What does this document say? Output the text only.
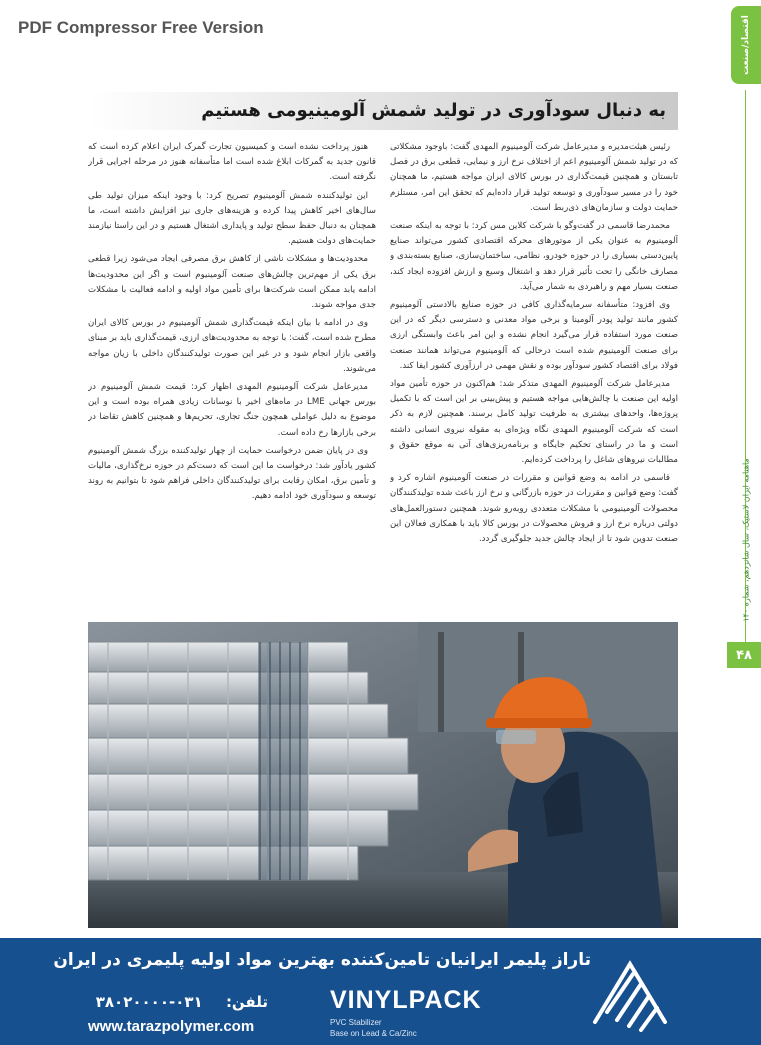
PDF Compressor Free Version	اقتصاد/صنعت
ماهنامه ایران لاستیک، سال شانزدهم، شماره ۱۴۰
۴۸
به دنبال سودآوری در تولید شمش آلومینیومی هستیم

رئیس هیئت‌مدیره و مدیرعامل شرکت آلومینیوم المهدی گفت: باوجود مشکلاتی که در تولید شمش آلومینیوم اعم از اختلاف نرخ ارز و نیمایی، قطعی برق در فصل تابستان و همچنین قیمت‌گذاری در بورس کالای ایران مواجه هستیم، ما همچنان خود را در مسیر سودآوری و توسعه تولید قرار داده‌ایم که تحقق این امر، مستلزم حمایت دولت و سازمان‌های ذی‌ربط است.

محمدرضا قاسمی در گفت‌وگو با شرکت کلاین مس کرد: با توجه به اینکه صنعت آلومینیوم به عنوان یکی از موتورهای محرکه اقتصادی کشور می‌تواند صنایع پایین‌دستی بسیاری را در حوزه خودرو، نظامی، ساختمان‌سازی، صنایع بسته‌بندی و مصارف خانگی را تحت تأثیر قرار دهد و اشتغال وسیع و ارزش افزوده ایجاد کند، صنعت بسیار مهم و راهبردی به شمار می‌آید.

وی افزود: متأسفانه سرمایه‌گذاری کافی در حوزه صنایع بالادستی آلومینیوم کشور مانند تولید پودر آلومینا و برخی مواد معدنی و دسترسی دیگر که در این صنعت مورد استفاده قرار می‌گیرد انجام نشده و این امر باعث وابستگی ارزی برای صنعت آلومینیوم شده است درحالی که آلومینیوم می‌تواند همانند صنعت فولاد برای اقتصاد کشور سودآور بوده و نقش مهمی در ارزآوری کشور ایفا کند.

مدیرعامل شرکت آلومینیوم المهدی متذکر شد: هم‌اکنون در حوزه تأمین مواد اولیه این صنعت با چالش‌هایی مواجه هستیم و پیش‌بینی بر این است که با تکمیل پروژه‌ها، واحدهای بیشتری به ظرفیت تولید کامل برسند. همچنین لازم به ذکر است که شرکت آلومینیوم المهدی نگاه ویژه‌ای به مقوله نیروی انسانی داشته است و ما در راستای تحکیم جایگاه و برنامه‌ریزی‌های آتی به موقع حقوق و مطالبات نیروهای شاغل را پرداخت کرده‌ایم.

قاسمی در ادامه به وضع قوانین و مقررات در صنعت آلومینیوم اشاره کرد و گفت: وضع قوانین و مقررات در حوزه بازرگانی و نرخ ارز باعث شده تولیدکنندگان محصولات آلومینیومی با مشکلات متعددی روبه‌رو شوند. همچنین دستورالعمل‌های دولتی درباره نرخ ارز و فروش محصولات در بورس کالا باید با همکاری فعالان این صنعت تدوین شود تا از ایجاد چالش جدید جلوگیری گردد.

هنوز پرداخت نشده است و کمیسیون تجارت گمرک ایران اعلام کرده است که قانون جدید به گمرکات ابلاغ شده است اما متأسفانه هنوز در مرحله اجرایی قرار نگرفته است.

این تولیدکننده شمش آلومینیوم تصریح کرد: با وجود اینکه میزان تولید طی سال‌های اخیر کاهش پیدا کرده و هزینه‌های جاری نیز افزایش داشته است، ما همچنان به دنبال حفظ سطح تولید و پایداری اشتغال هستیم و در این راستا نیازمند حمایت‌های دولت هستیم.

محدودیت‌ها و مشکلات ناشی از کاهش برق مصرفی ایجاد می‌شود زیرا قطعی برق یکی از مهم‌ترین چالش‌های صنعت آلومینیوم است و اگر این محدودیت‌ها ادامه یابد ممکن است شرکت‌ها برای تأمین مواد اولیه و ادامه فعالیت با مشکلات جدی مواجه شوند.

وی در ادامه با بیان اینکه قیمت‌گذاری شمش آلومینیوم در بورس کالای ایران مطرح شده است، گفت: با توجه به محدودیت‌های ارزی، قیمت‌گذاری باید بر مبنای واقعی بازار انجام شود و در غیر این صورت تولیدکنندگان داخلی با زیان مواجه می‌شوند.

مدیرعامل شرکت آلومینیوم المهدی اظهار کرد: قیمت شمش آلومینیوم در بورس جهانی LME در ماه‌های اخیر با نوسانات زیادی همراه بوده است و این موضوع به دلیل عواملی همچون جنگ تجاری، تحریم‌ها و همچنین کاهش تقاضا در برخی بازارها رخ داده است.

وی در پایان ضمن درخواست حمایت از چهار تولیدکننده بزرگ شمش آلومینیوم کشور یادآور شد: درخواست ما این است که دست‌کم در حوزه نرخ‌گذاری، مالیات و تأمین برق، امکان رقابت برای تولیدکنندگان داخلی فراهم شود تا بتوانیم به روند توسعه و سودآوری خود ادامه دهیم.

تاراز پلیمر ایرانیان تامین‌کننده بهترین مواد اولیه پلیمری در ایران
VINYLPACK
PVC Stabilizer
Base on Lead & Ca/Zinc
تلفن: ۰۳۱-۳۸۰۲۰۰۰۰
www.tarazpolymer.com
